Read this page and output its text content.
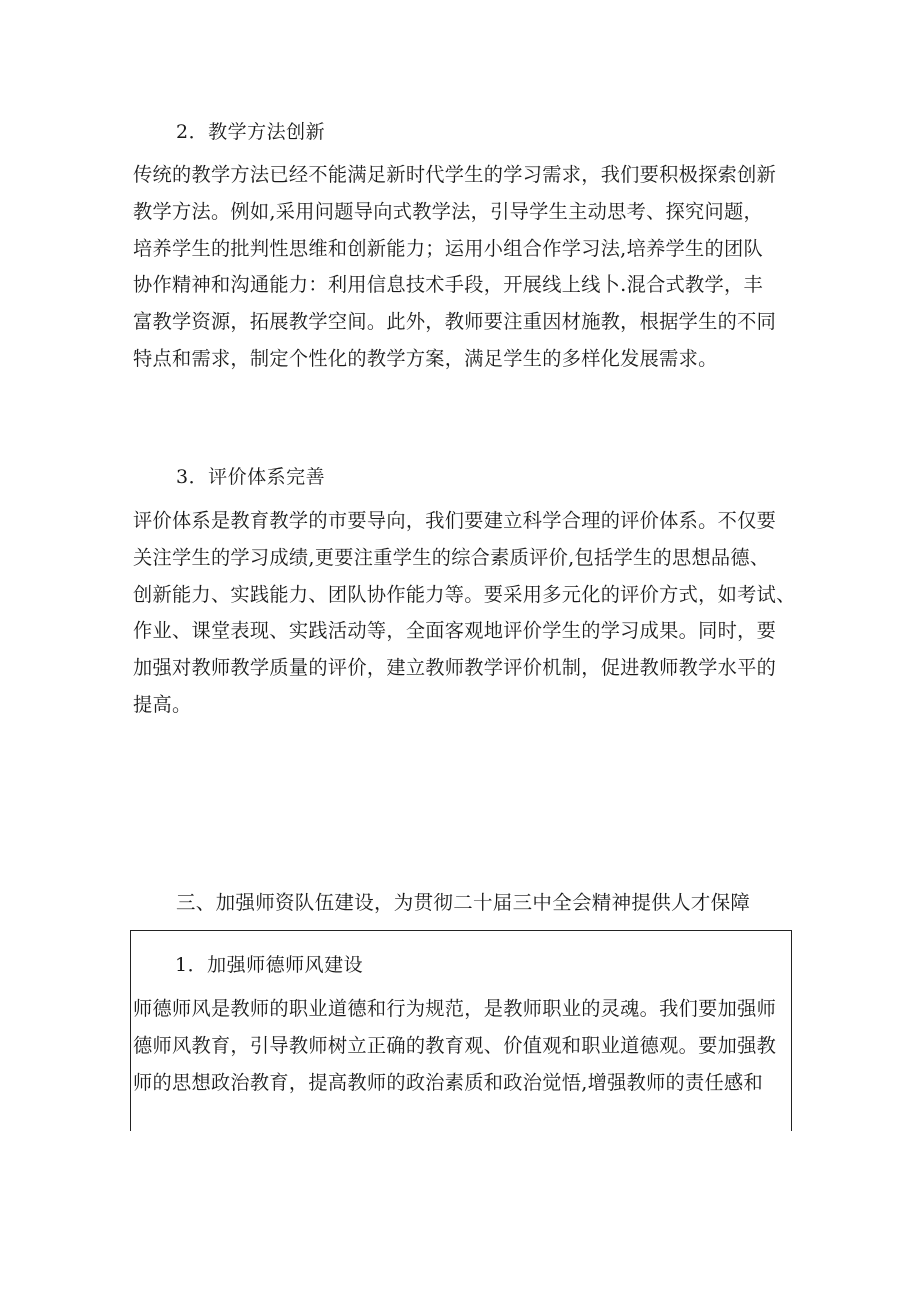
2．教学方法创新

传统的教学方法已经不能满足新时代学生的学习需求，我们要积极探索创新
教学方法。例如,采用问题导向式教学法，引导学生主动思考、探究问题，
培养学生的批判性思维和创新能力；运用小组合作学习法,培养学生的团队
协作精神和沟通能力：利用信息技术手段，开展线上线卜.混合式教学，丰
富教学资源，拓展教学空间。此外，教师要注重因材施教，根据学生的不同
特点和需求，制定个性化的教学方案，满足学生的多样化发展需求。

3．评价体系完善

评价体系是教育教学的市要导向，我们要建立科学合理的评价体系。不仅要
关注学生的学习成绩,更要注重学生的综合素质评价,包括学生的思想品德、
创新能力、实践能力、团队协作能力等。要采用多元化的评价方式，如考试、
作业、课堂表现、实践活动等，全面客观地评价学生的学习成果。同时，要
加强对教师教学质量的评价，建立教师教学评价机制，促进教师教学水平的
提高。

三、加强师资队伍建设，为贯彻二十届三中全会精神提供人才保障
1．加强师德师风建设

师德师风是教师的职业道德和行为规范，是教师职业的灵魂。我们要加强师
德师风教育，引导教师树立正确的教育观、价值观和职业道德观。要加强教
师的思想政治教育，提高教师的政治素质和政治觉悟,增强教师的责任感和
